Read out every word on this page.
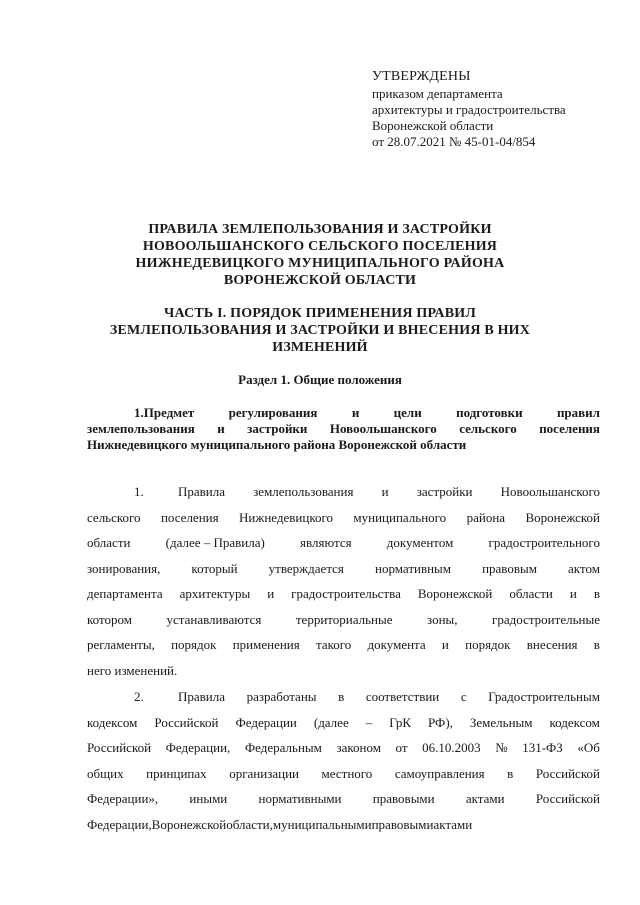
УТВЕРЖДЕНЫ
приказом департамента
архитектуры и градостроительства
Воронежской области
от 28.07.2021 № 45-01-04/854
ПРАВИЛА ЗЕМЛЕПОЛЬЗОВАНИЯ И ЗАСТРОЙКИ
НОВООЛЬШАНСКОГО СЕЛЬСКОГО ПОСЕЛЕНИЯ
НИЖНЕДЕВИЦКОГО МУНИЦИПАЛЬНОГО РАЙОНА
ВОРОНЕЖСКОЙ ОБЛАСТИ
ЧАСТЬ I. ПОРЯДОК ПРИМЕНЕНИЯ ПРАВИЛ
ЗЕМЛЕПОЛЬЗОВАНИЯ И ЗАСТРОЙКИ И ВНЕСЕНИЯ В НИХ
ИЗМЕНЕНИЙ
Раздел 1. Общие положения
1.Предмет	регулирования	и	цели	подготовки	правил
землепользования и застройки Новоольшанского сельского поселения
Нижнедевицкого муниципального района Воронежской области
1.	Правила землепользования и застройки Новоольшанского
сельского поселения Нижнедевицкого муниципального района Воронежской
области	(далее – Правила)	являются	документом	градостроительного
зонирования, который утверждается нормативным правовым актом
департамента архитектуры и градостроительства Воронежской области и в
котором	устанавливаются	территориальные	зоны,	градостроительные
регламенты, порядок применения такого документа и порядок внесения в
него изменений.
2.	Правила разработаны в соответствии с Градостроительным
кодексом Российской Федерации (далее – ГрК РФ), Земельным кодексом
Российской Федерации, Федеральным законом от 06.10.2003 № 131-ФЗ «Об
общих принципах организации местного самоуправления в Российской
Федерации», иными нормативными правовыми актами Российской
Федерации, Воронежской области, муниципальными правовыми актами
